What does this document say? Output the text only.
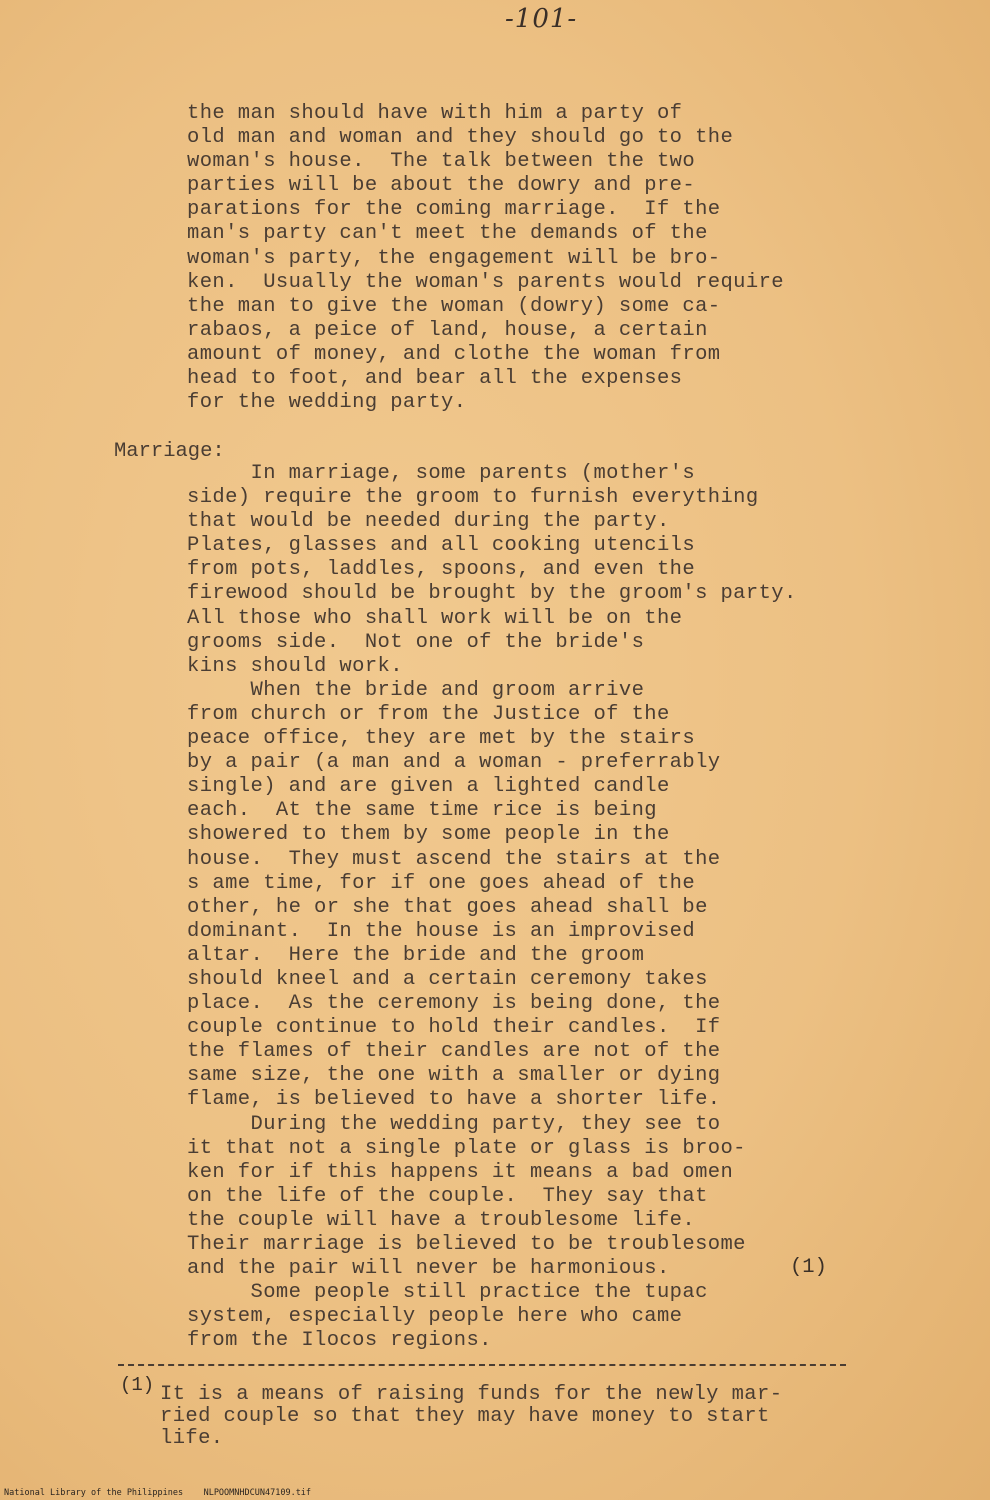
-101-
the man should have with him a party of
old man and woman and they should go to the
woman's house.  The talk between the two
parties will be about the dowry and pre-
parations for the coming marriage.  If the
man's party can't meet the demands of the
woman's party, the engagement will be bro-
ken.  Usually the woman's parents would require
the man to give the woman (dowry) some ca-
rabaos, a peice of land, house, a certain
amount of money, and clothe the woman from
head to foot, and bear all the expenses
for the wedding party.
Marriage:
In marriage, some parents (mother's
side) require the groom to furnish everything
that would be needed during the party.
Plates, glasses and all cooking utencils
from pots, laddles, spoons, and even the
firewood should be brought by the groom's party.
All those who shall work will be on the
grooms side.  Not one of the bride's
kins should work.
When the bride and groom arrive
from church or from the Justice of the
peace office, they are met by the stairs
by a pair (a man and a woman - preferrably
single) and are given a lighted candle
each.  At the same time rice is being
showered to them by some people in the
house.  They must ascend the stairs at the
s ame time, for if one goes ahead of the
other, he or she that goes ahead shall be
dominant.  In the house is an improvised
altar.  Here the bride and the groom
should kneel and a certain ceremony takes
place.  As the ceremony is being done, the
couple continue to hold their candles.  If
the flames of their candles are not of the
same size, the one with a smaller or dying
flame, is believed to have a shorter life.
During the wedding party, they see to
it that not a single plate or glass is broo-
ken for if this happens it means a bad omen
on the life of the couple.  They say that
the couple will have a troublesome life.
Their marriage is believed to be troublesome
and the pair will never be harmonious.
Some people still practice the tupac
system, especially people here who came
from the Ilocos regions.
(1)
(1) It is a means of raising funds for the newly mar-
ried couple so that they may have money to start
life.
National Library of the Philippines    NLPOOMNHDCUN47109.tif
